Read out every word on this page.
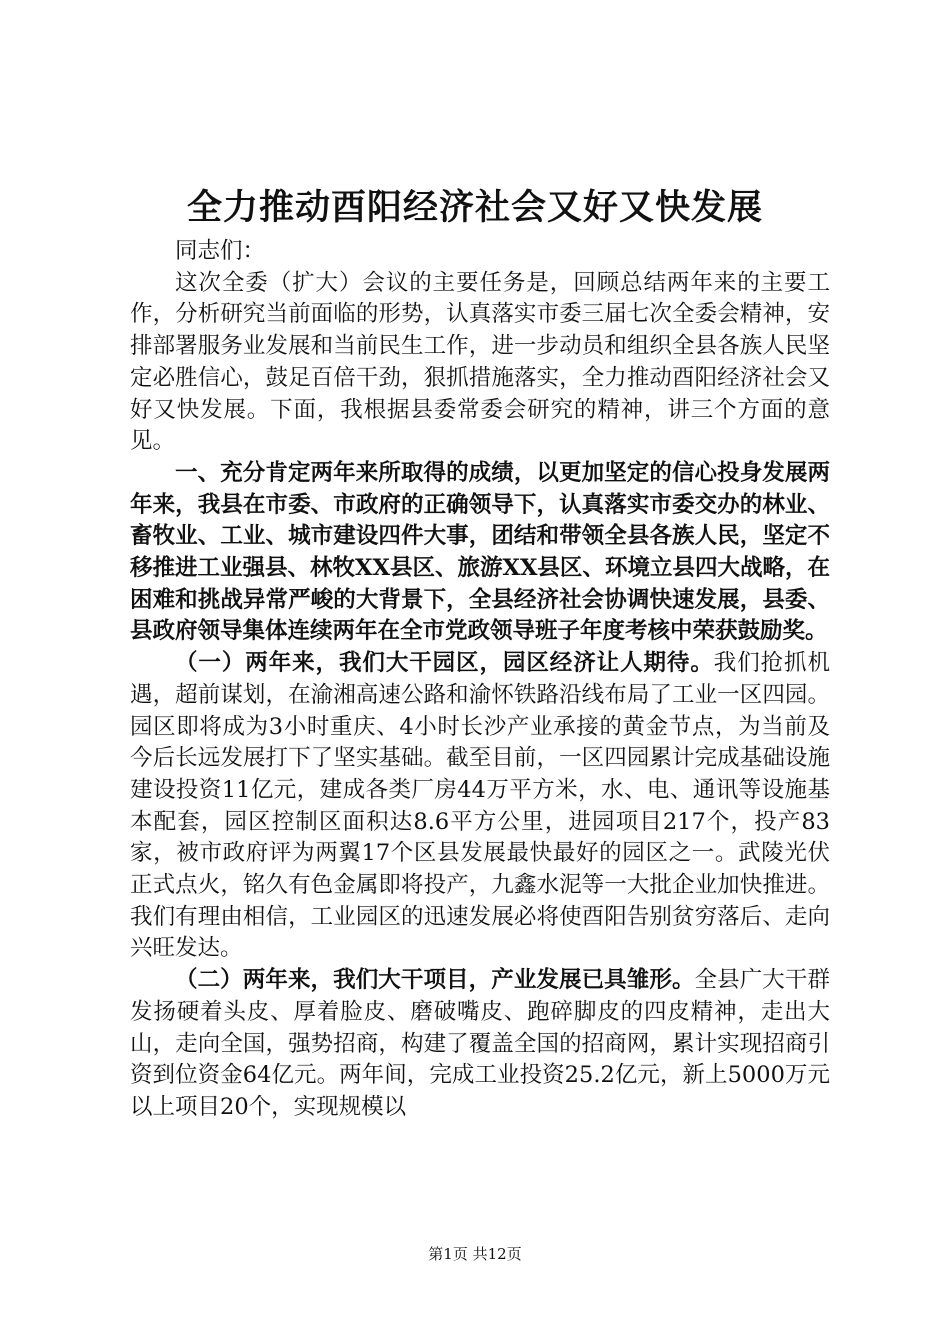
全力推动酉阳经济社会又好又快发展

同志们：

这次全委（扩大）会议的主要任务是，回顾总结两年来的主要工作，分析研究当前面临的形势，认真落实市委三届七次全委会精神，安排部署服务业发展和当前民生工作，进一步动员和组织全县各族人民坚定必胜信心，鼓足百倍干劲，狠抓措施落实，全力推动酉阳经济社会又好又快发展。下面，我根据县委常委会研究的精神，讲三个方面的意见。

一、充分肯定两年来所取得的成绩，以更加坚定的信心投身发展两年来，我县在市委、市政府的正确领导下，认真落实市委交办的林业、畜牧业、工业、城市建设四件大事，团结和带领全县各族人民，坚定不移推进工业强县、林牧XX县区、旅游XX县区、环境立县四大战略，在困难和挑战异常严峻的大背景下，全县经济社会协调快速发展，县委、县政府领导集体连续两年在全市党政领导班子年度考核中荣获鼓励奖。

（一）两年来，我们大干园区，园区经济让人期待。我们抢抓机遇，超前谋划，在渝湘高速公路和渝怀铁路沿线布局了工业一区四园。园区即将成为3小时重庆、4小时长沙产业承接的黄金节点，为当前及今后长远发展打下了坚实基础。截至目前，一区四园累计完成基础设施建设投资11亿元，建成各类厂房44万平方米，水、电、通讯等设施基本配套，园区控制区面积达8.6平方公里，进园项目217个，投产83家，被市政府评为两翼17个区县发展最快最好的园区之一。武陵光伏正式点火，铭久有色金属即将投产，九鑫水泥等一大批企业加快推进。我们有理由相信，工业园区的迅速发展必将使酉阳告别贫穷落后、走向兴旺发达。

（二）两年来，我们大干项目，产业发展已具雏形。全县广大干群发扬硬着头皮、厚着脸皮、磨破嘴皮、跑碎脚皮的四皮精神，走出大山，走向全国，强势招商，构建了覆盖全国的招商网，累计实现招商引资到位资金64亿元。两年间，完成工业投资25.2亿元，新上5000万元以上项目20个，实现规模以

第1页 共12页
